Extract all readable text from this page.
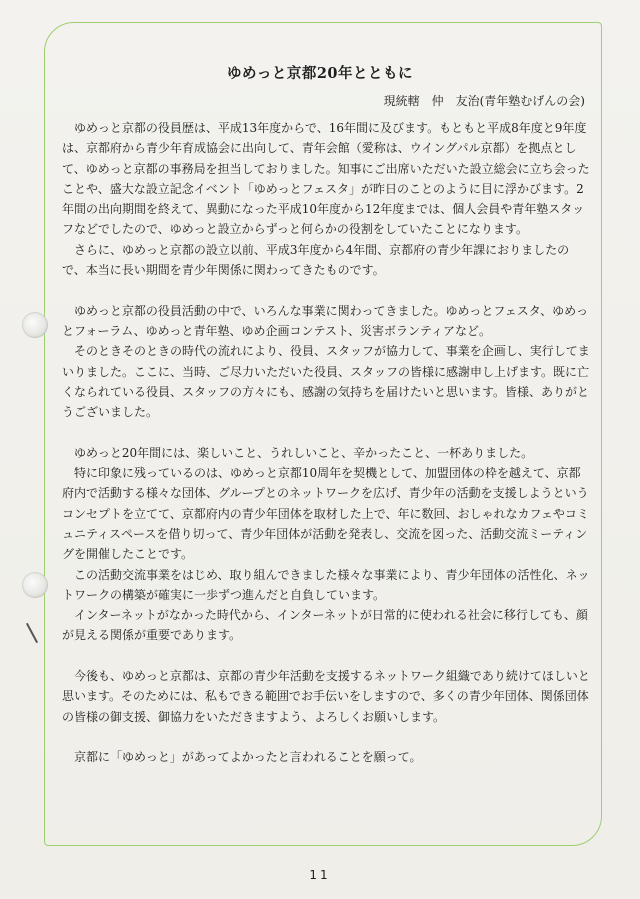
ゆめっと京都20年とともに
現統轄　仲　友治(青年塾むげんの会)

ゆめっと京都の役員歴は、平成13年度からで、16年間に及びます。もともと平成8年度と9年度は、京都府から青少年育成協会に出向して、青年会館（愛称は、ウイングパル京都）を拠点として、ゆめっと京都の事務局を担当しておりました。知事にご出席いただいた設立総会に立ち会ったことや、盛大な設立記念イベント「ゆめっとフェスタ」が昨日のことのように目に浮かびます。2年間の出向期間を終えて、異動になった平成10年度から12年度までは、個人会員や青年塾スタッフなどでしたので、ゆめっと設立からずっと何らかの役割をしていたことになります。

さらに、ゆめっと京都の設立以前、平成3年度から4年間、京都府の青少年課におりましたので、本当に長い期間を青少年関係に関わってきたものです。

ゆめっと京都の役員活動の中で、いろんな事業に関わってきました。ゆめっとフェスタ、ゆめっとフォーラム、ゆめっと青年塾、ゆめ企画コンテスト、災害ボランティアなど。

そのときそのときの時代の流れにより、役員、スタッフが協力して、事業を企画し、実行してまいりました。ここに、当時、ご尽力いただいた役員、スタッフの皆様に感謝申し上げます。既に亡くなられている役員、スタッフの方々にも、感謝の気持ちを届けたいと思います。皆様、ありがとうございました。

ゆめっと20年間には、楽しいこと、うれしいこと、辛かったこと、一杯ありました。

特に印象に残っているのは、ゆめっと京都10周年を契機として、加盟団体の枠を越えて、京都府内で活動する様々な団体、グループとのネットワークを広げ、青少年の活動を支援しようというコンセプトを立てて、京都府内の青少年団体を取材した上で、年に数回、おしゃれなカフェやコミュニティスペースを借り切って、青少年団体が活動を発表し、交流を図った、活動交流ミーティングを開催したことです。

この活動交流事業をはじめ、取り組んできました様々な事業により、青少年団体の活性化、ネットワークの構築が確実に一歩ずつ進んだと自負しています。

インターネットがなかった時代から、インターネットが日常的に使われる社会に移行しても、顔が見える関係が重要であります。

今後も、ゆめっと京都は、京都の青少年活動を支援するネットワーク組織であり続けてほしいと思います。そのためには、私もできる範囲でお手伝いをしますので、多くの青少年団体、関係団体の皆様の御支援、御協力をいただきますよう、よろしくお願いします。

京都に「ゆめっと」があってよかったと言われることを願って。

11
